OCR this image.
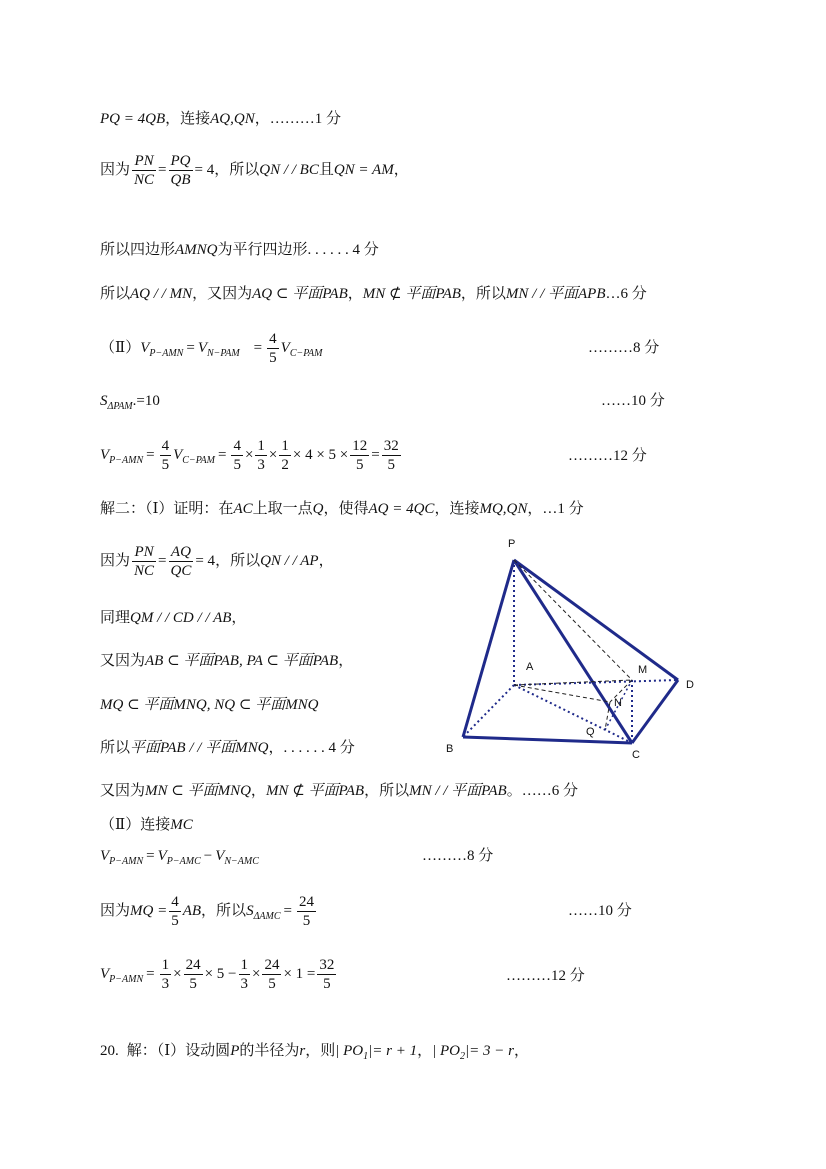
PQ = 4QB，连接AQ,QN，………1 分
因为 $\frac{PN}{NC} = \frac{PQ}{QB} = 4$，所以QN / / BC且QN = AM，
所以四边形AMNQ为平行四边形. . . . . . 4 分
所以AQ / / MN，又因为AQ ⊂ 平面PAB，MN ⊄ 平面PAB，所以MN / / 平面APB…6 分
$(Ⅱ)V_{P-AMN} = V_{N-PAM} = \frac{4}{5} V_{C-PAM}$	………8 分
$S_{\Delta PAM}.=10$	……10 分
$V_{P-AMN} = \frac{4}{5} V_{C-PAM} = \frac{4}{5} \times \frac{1}{3} \times \frac{1}{2} \times 4 \times 5 \times \frac{12}{5} = \frac{32}{5}$	………12 分
解二：（Ⅰ）证明：在AC上取一点Q，使得AQ = 4QC，连接MQ,QN，…1 分
因为 $\frac{PN}{NC} = \frac{AQ}{QC} = 4$，所以QN / / AP，
同理QM / / CD / / AB，
又因为AB ⊂ 平面PAB, PA ⊂ 平面PAB，
MQ ⊂ 平面MNQ, NQ ⊂ 平面MNQ
所以平面PAB / / 平面MNQ，. . . . . . 4 分
又因为MN ⊂ 平面MNQ，MN ⊄ 平面PAB，所以MN / / 平面PAB。……6 分
（Ⅱ）连接MC
$V_{P-AMN} = V_{P-AMC} - V_{N-AMC}$	………8 分
因为MQ = $\frac{4}{5}$ AB，所以$S_{\Delta AMC} = \frac{24}{5}$	……10 分
$V_{P-AMN} = \frac{1}{3} \times \frac{24}{5} \times 5 - \frac{1}{3} \times \frac{24}{5} \times 1 = \frac{32}{5}$	………12 分
20. 解：（Ⅰ）设动圆P的半径为r，则| $PO_1|= r + 1$，| $PO_2|= 3 - r$，
P
A	M
D
N
Q
B	C
